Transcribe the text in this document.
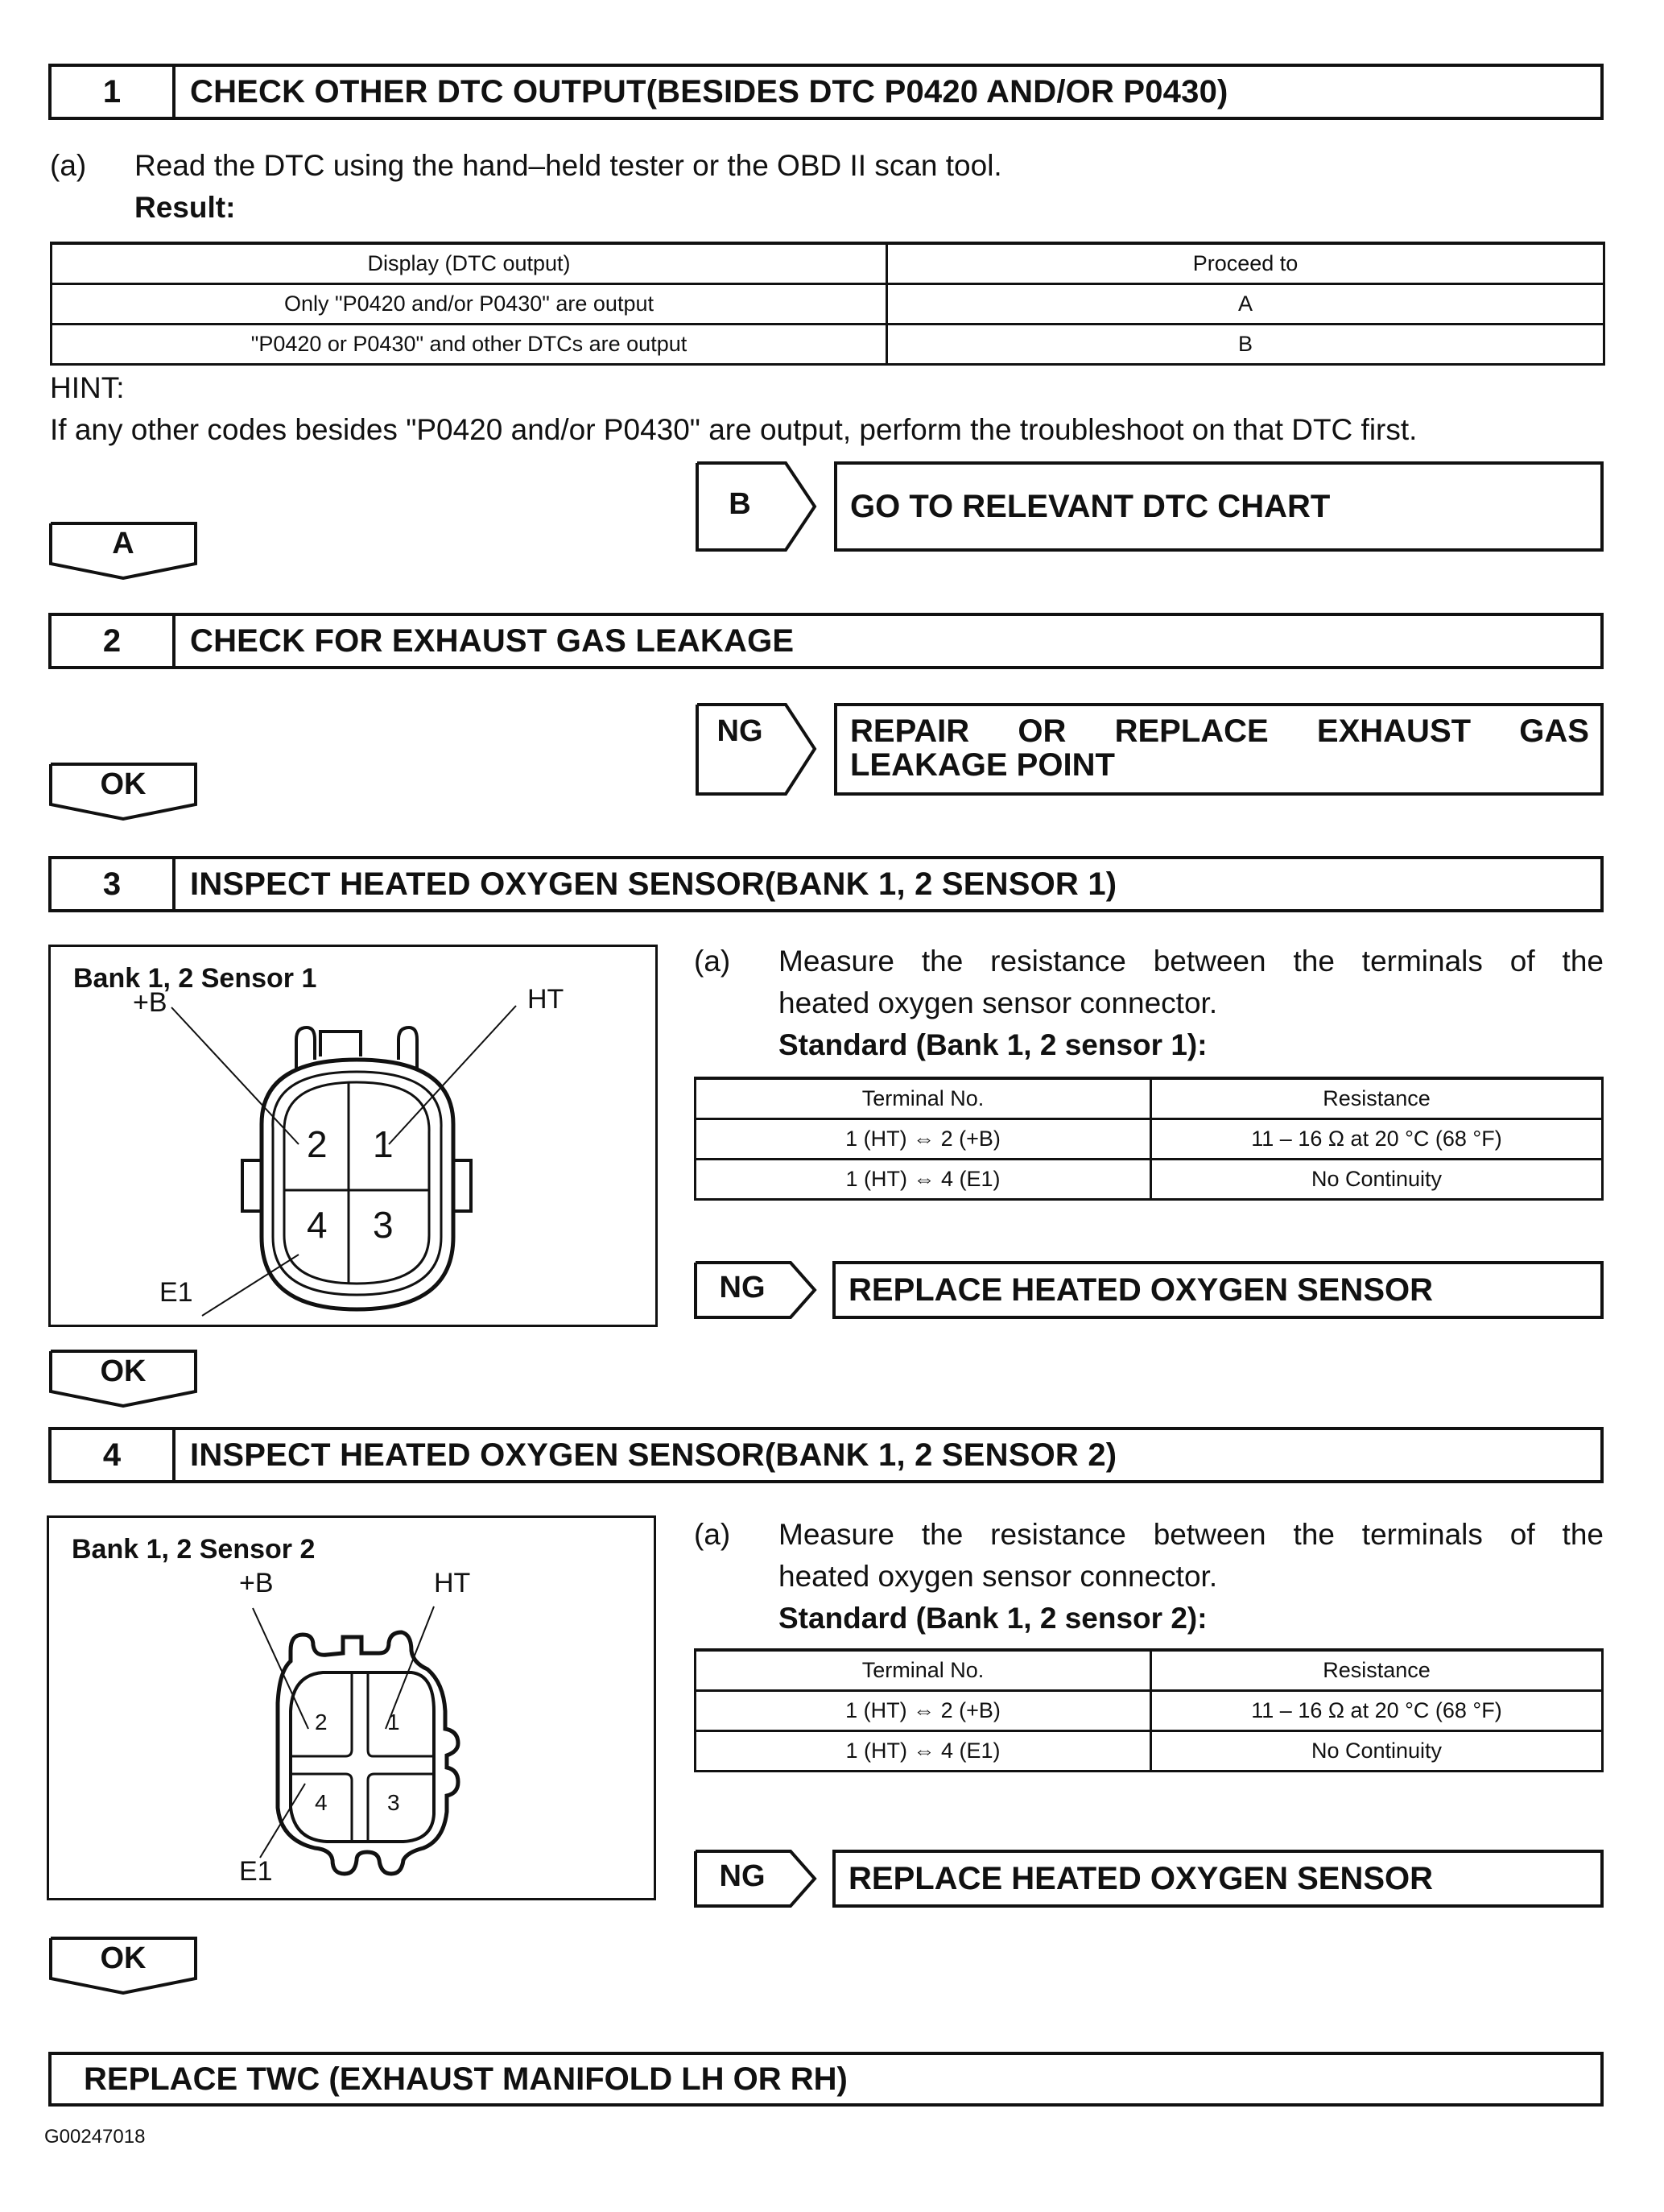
1	CHECK OTHER DTC OUTPUT(BESIDES DTC P0420 AND/OR P0430)
(a) Read the DTC using the hand–held tester or the OBD II scan tool.
Result:
Display (DTC output)	Proceed to
Only "P0420 and/or P0430" are output	A
"P0420 or P0430" and other DTCs are output	B
HINT:
If any other codes besides "P0420 and/or P0430" are output, perform the troubleshoot on that DTC first.
B	GO TO RELEVANT DTC CHART
A
2	CHECK FOR EXHAUST GAS LEAKAGE
NG	REPAIR OR REPLACE EXHAUST GAS
LEAKAGE POINT
OK
3	INSPECT HEATED OXYGEN SENSOR(BANK 1, 2 SENSOR 1)
Bank 1, 2 Sensor 1
+B	HT
E1
2 1
4 3
(a) Measure the resistance between the terminals of the
heated oxygen sensor connector.
Standard (Bank 1, 2 sensor 1):
Terminal No.	Resistance
1 (HT) ⇔ 2 (+B)	11 – 16 Ω at 20 °C (68 °F)
1 (HT) ⇔ 4 (E1)	No Continuity
NG	REPLACE HEATED OXYGEN SENSOR
OK
4	INSPECT HEATED OXYGEN SENSOR(BANK 1, 2 SENSOR 2)
Bank 1, 2 Sensor 2
+B	HT
E1
2	1
4	3
(a) Measure the resistance between the terminals of the
heated oxygen sensor connector.
Standard (Bank 1, 2 sensor 2):
Terminal No.	Resistance
1 (HT) ⇔ 2 (+B)	11 – 16 Ω at 20 °C (68 °F)
1 (HT) ⇔ 4 (E1)	No Continuity
NG	REPLACE HEATED OXYGEN SENSOR
OK
REPLACE TWC (EXHAUST MANIFOLD LH OR RH)
G00247018
